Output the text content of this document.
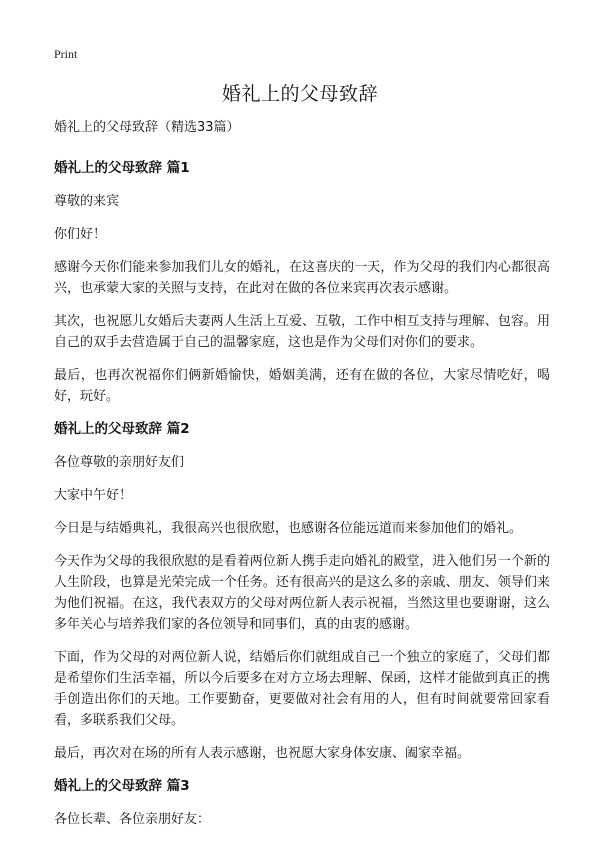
Print
婚礼上的父母致辞

婚礼上的父母致辞（精选33篇）

婚礼上的父母致辞 篇1

尊敬的来宾

你们好！

感谢今天你们能来参加我们儿女的婚礼，在这喜庆的一天，作为父母的我们内心都很高兴，也承蒙大家的关照与支持，在此对在做的各位来宾再次表示感谢。

其次，也祝愿儿女婚后夫妻两人生活上互爱、互敬，工作中相互支持与理解、包容。用自己的双手去营造属于自己的温馨家庭，这也是作为父母们对你们的要求。

最后，也再次祝福你们俩新婚愉快，婚姻美满，还有在做的各位，大家尽情吃好，喝好，玩好。

婚礼上的父母致辞 篇2

各位尊敬的亲朋好友们

大家中午好！

今日是与结婚典礼，我很高兴也很欣慰，也感谢各位能远道而来参加他们的婚礼。

今天作为父母的我很欣慰的是看着两位新人携手走向婚礼的殿堂，进入他们另一个新的人生阶段，也算是光荣完成一个任务。还有很高兴的是这么多的亲戚、朋友、领导们来为他们祝福。在这，我代表双方的父母对两位新人表示祝福，当然这里也要谢谢，这么多年关心与培养我们家的各位领导和同事们，真的由衷的感谢。

下面，作为父母的对两位新人说，结婚后你们就组成自己一个独立的家庭了，父母们都是希望你们生活幸福，所以今后要多在对方立场去理解、保函，这样才能做到真正的携手创造出你们的天地。工作要勤奋，更要做对社会有用的人，但有时间就要常回家看看，多联系我们父母。

最后，再次对在场的所有人表示感谢，也祝愿大家身体安康、阖家幸福。

婚礼上的父母致辞 篇3

各位长辈、各位亲朋好友：
